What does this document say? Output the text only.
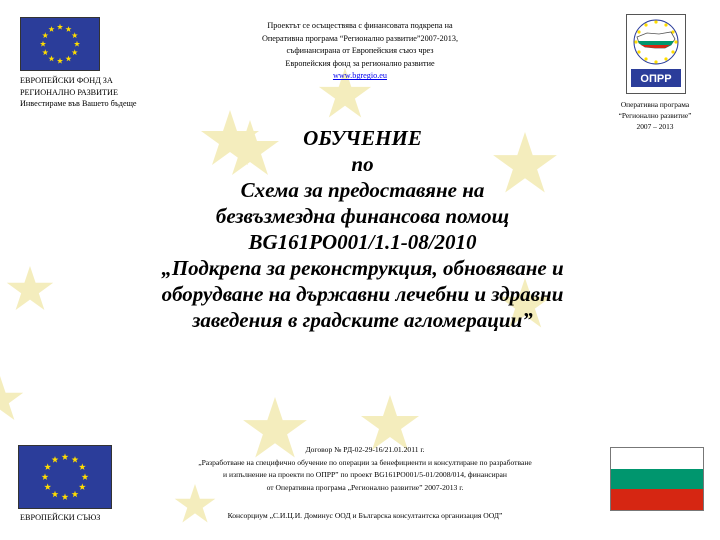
ЕВРОПЕЙСКИ ФОНД ЗА
РЕГИОНАЛНО РАЗВИТИЕ
Инвестираме във Вашето бъдеще
Проектът се осъществява с финансовата подкрепа на
Оперативна програма “Регионално развитие”2007-2013,
съфинансирана от Европейския съюз чрез
Европейския фонд за регионално развитие
www.bgregio.eu	ОПРР
Оперативна програма
“Регионално развитие”
2007 – 2013
ОБУЧЕНИЕ
по
Схема за предоставяне на
безвъзмездна финансова помощ
BG161PO001/1.1-08/2010
„Подкрепа за реконструкция, обновяване и
оборудване на държавни лечебни и здравни
заведения в градските агломерации”
ЕВРОПЕЙСКИ СЪЮЗ
Договор № РД-02-29-16/21.01.2011 г.
„Разработване на специфично обучение по операции за бенефициенти и консултиране по разработване
и изпълнение на проекти по ОПРР” по проект BG161PO001/5-01/2008/014, финансиран
от Оперативна програма „Регионално развитие” 2007-2013 г.
Консорциум „С.И.Ц.И. Доминус ООД и Българска консултантска организация ООД”
